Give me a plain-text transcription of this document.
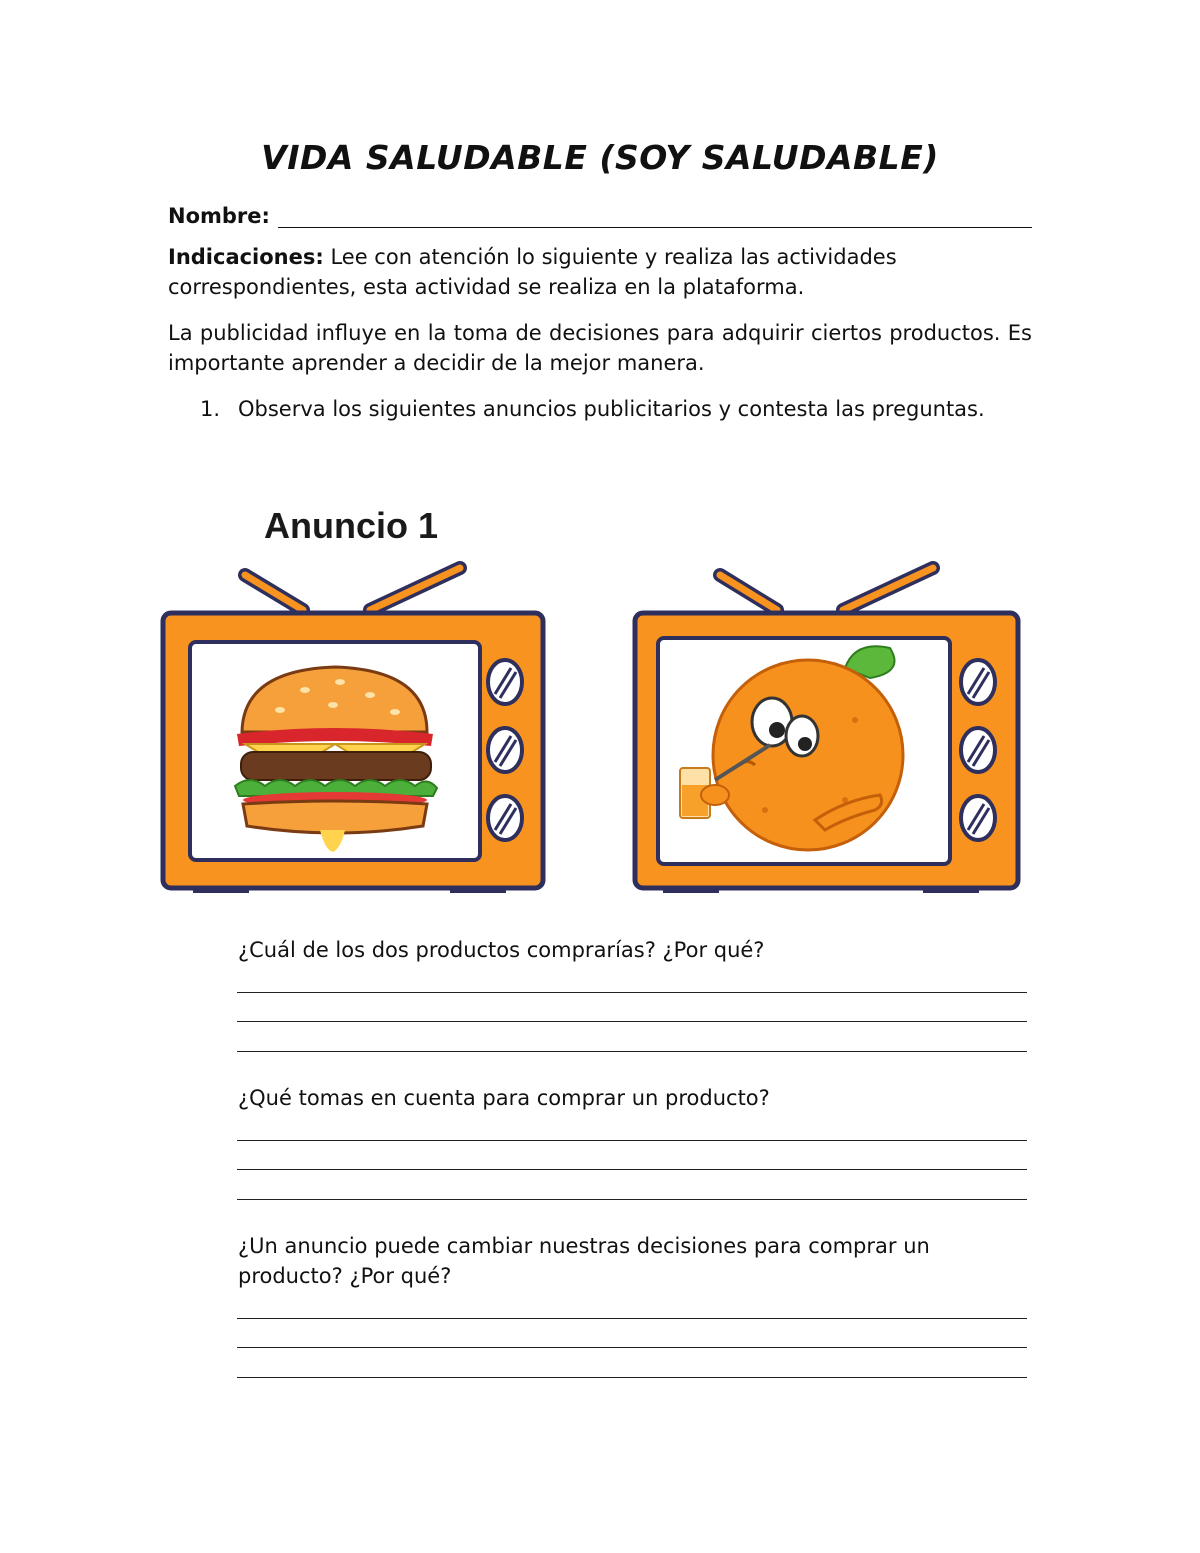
VIDA SALUDABLE (SOY SALUDABLE)
Nombre:

Indicaciones: Lee con atención lo siguiente y realiza las actividades correspondientes, esta actividad se realiza en la plataforma.

La publicidad influye en la toma de decisiones para adquirir ciertos productos. Es importante aprender a decidir de la mejor manera.

1. Observa los siguientes anuncios publicitarios y contesta las preguntas.
Anuncio 1
¿Cuál de los dos productos comprarías? ¿Por qué?
¿Qué tomas en cuenta para comprar un producto?
¿Un anuncio puede cambiar nuestras decisiones para comprar un producto? ¿Por qué?
